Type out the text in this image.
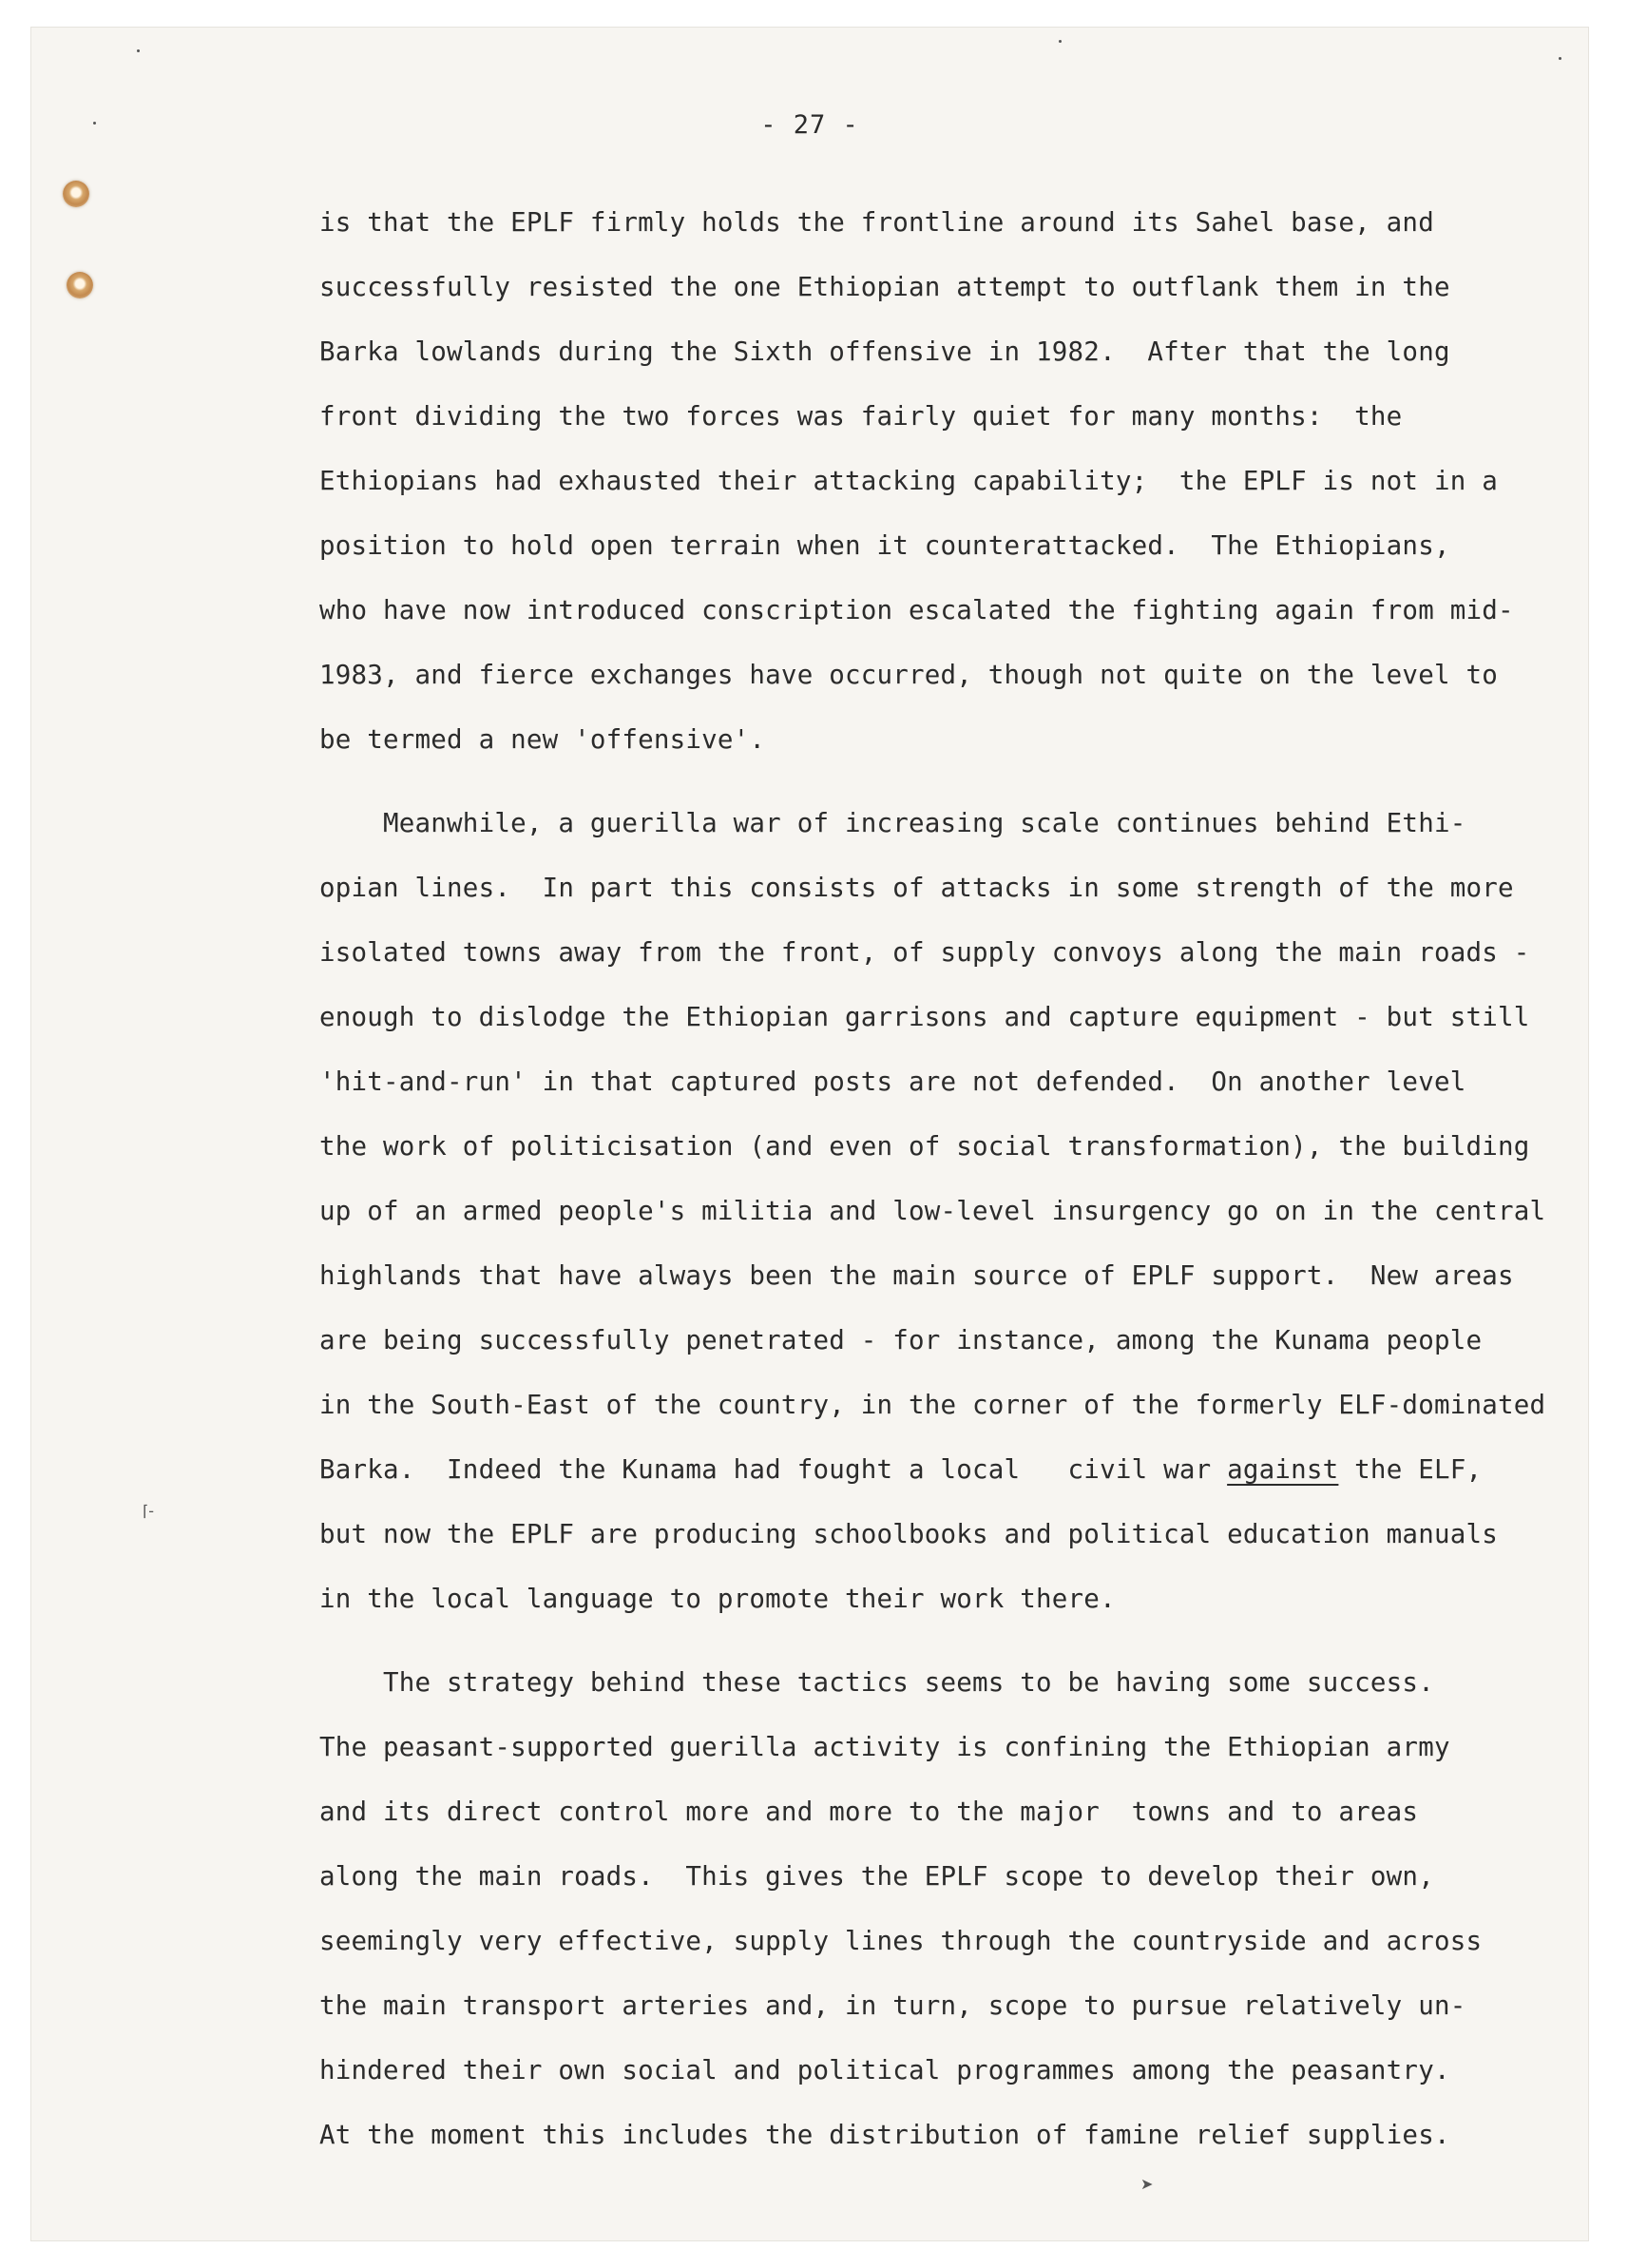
⌈-
➤
- 27 -
is that the EPLF firmly holds the frontline around its Sahel base, and
successfully resisted the one Ethiopian attempt to outflank them in the
Barka lowlands during the Sixth offensive in 1982.  After that the long
front dividing the two forces was fairly quiet for many months:  the
Ethiopians had exhausted their attacking capability;  the EPLF is not in a
position to hold open terrain when it counterattacked.  The Ethiopians,
who have now introduced conscription escalated the fighting again from mid-
1983, and fierce exchanges have occurred, though not quite on the level to
be termed a new 'offensive'.
Meanwhile, a guerilla war of increasing scale continues behind Ethi-
opian lines.  In part this consists of attacks in some strength of the more
isolated towns away from the front, of supply convoys along the main roads -
enough to dislodge the Ethiopian garrisons and capture equipment - but still
'hit-and-run' in that captured posts are not defended.  On another level
the work of politicisation (and even of social transformation), the building
up of an armed people's militia and low-level insurgency go on in the central
highlands that have always been the main source of EPLF support.  New areas
are being successfully penetrated - for instance, among the Kunama people
in the South-East of the country, in the corner of the formerly ELF-dominated
Barka.  Indeed the Kunama had fought a local   civil war against the ELF,
but now the EPLF are producing schoolbooks and political education manuals
in the local language to promote their work there.
The strategy behind these tactics seems to be having some success.
The peasant-supported guerilla activity is confining the Ethiopian army
and its direct control more and more to the major  towns and to areas
along the main roads.  This gives the EPLF scope to develop their own,
seemingly very effective, supply lines through the countryside and across
the main transport arteries and, in turn, scope to pursue relatively un-
hindered their own social and political programmes among the peasantry.
At the moment this includes the distribution of famine relief supplies.
